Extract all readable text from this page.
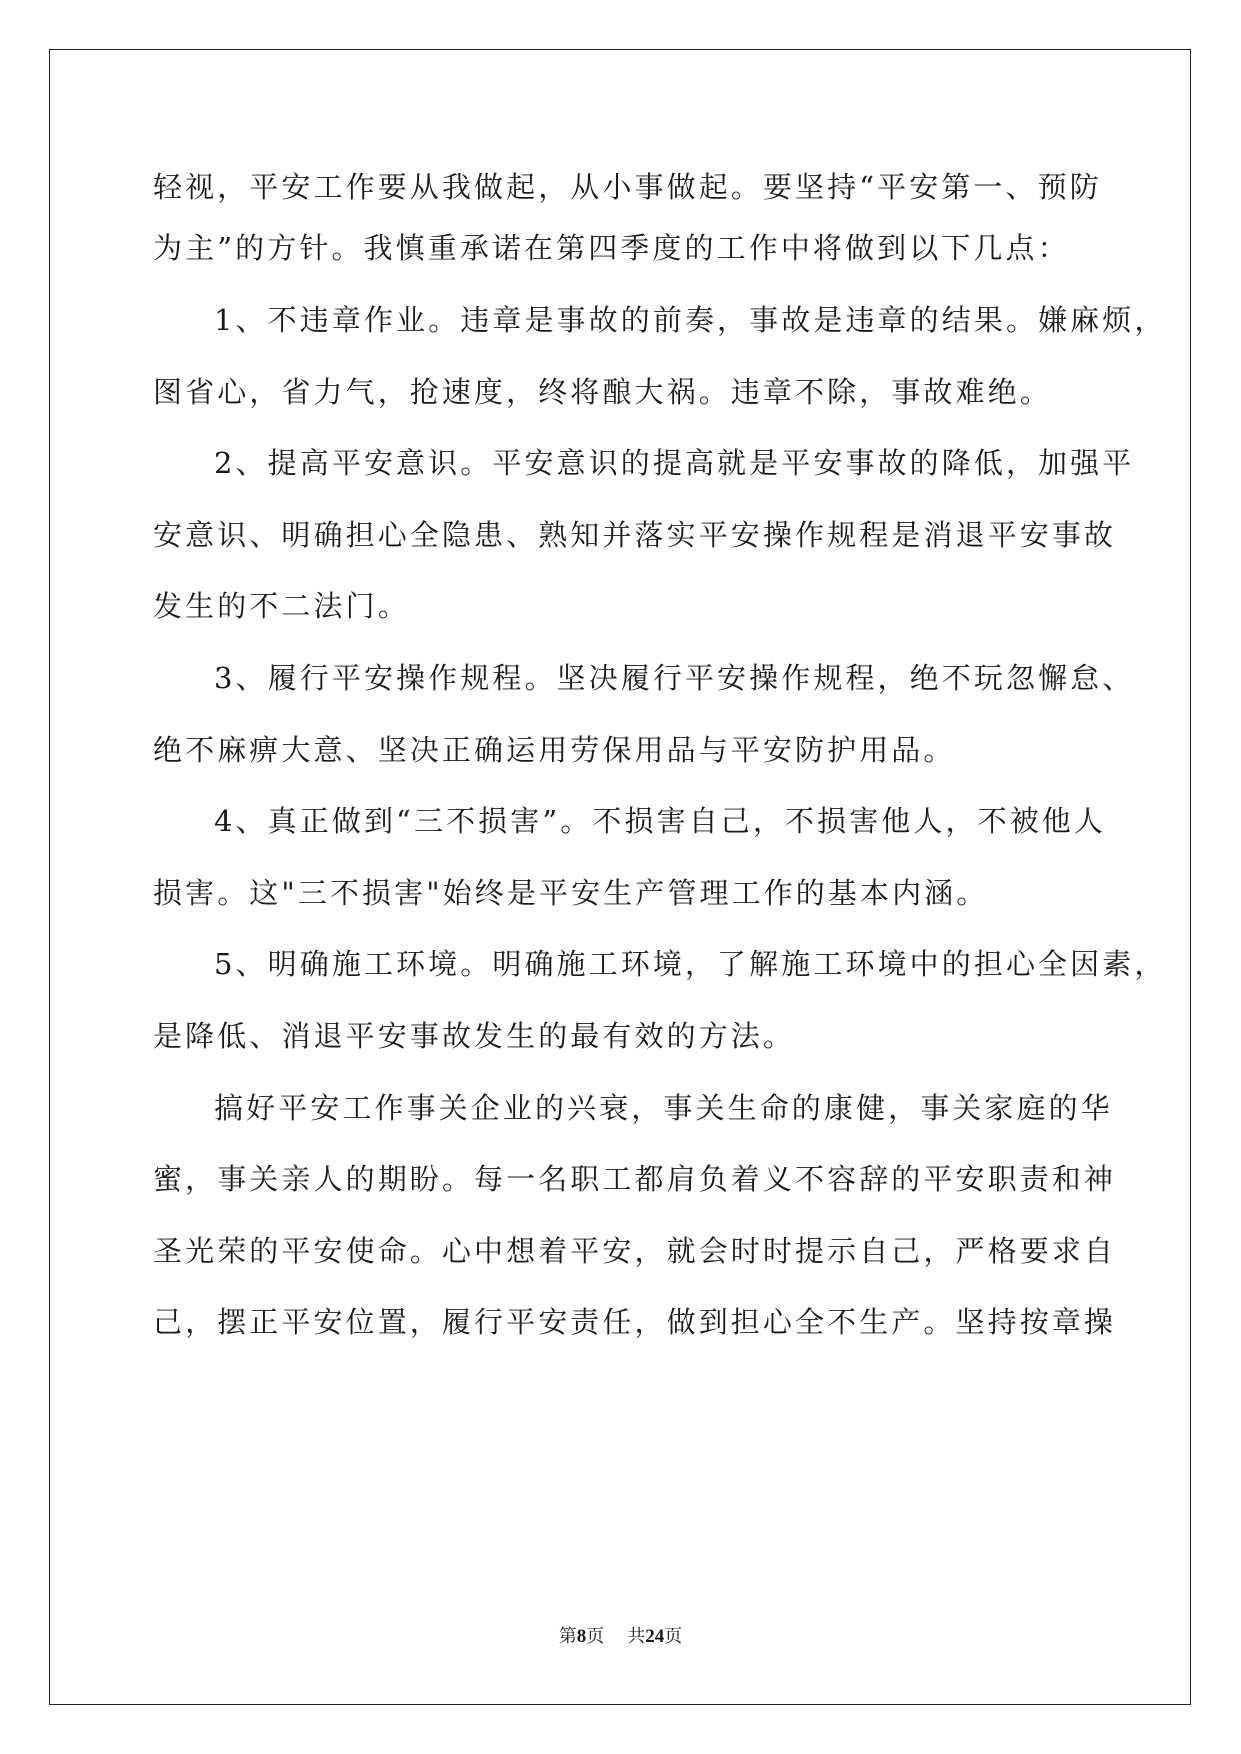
轻视，平安工作要从我做起，从小事做起。要坚持“平安第一、预防
为主”的方针。我慎重承诺在第四季度的工作中将做到以下几点：
1、不违章作业。违章是事故的前奏，事故是违章的结果。嫌麻烦，
图省心，省力气，抢速度，终将酿大祸。违章不除，事故难绝。
2、提高平安意识。平安意识的提高就是平安事故的降低，加强平
安意识、明确担心全隐患、熟知并落实平安操作规程是消退平安事故
发生的不二法门。
3、履行平安操作规程。坚决履行平安操作规程，绝不玩忽懈怠、
绝不麻痹大意、坚决正确运用劳保用品与平安防护用品。
4、真正做到“三不损害”。不损害自己，不损害他人，不被他人
损害。这"三不损害"始终是平安生产管理工作的基本内涵。
5、明确施工环境。明确施工环境，了解施工环境中的担心全因素，
是降低、消退平安事故发生的最有效的方法。
搞好平安工作事关企业的兴衰，事关生命的康健，事关家庭的华
蜜，事关亲人的期盼。每一名职工都肩负着义不容辞的平安职责和神
圣光荣的平安使命。心中想着平安，就会时时提示自己，严格要求自
己，摆正平安位置，履行平安责任，做到担心全不生产。坚持按章操
第8页 共24页
